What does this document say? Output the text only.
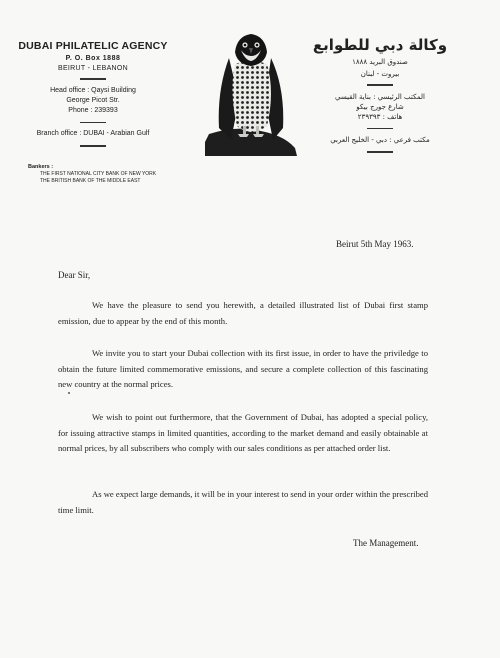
DUBAI PHILATELIC AGENCY
P. O. Box 1888
BEIRUT - LEBANON
Head office : Qaysi Building
George Picot Str.
Phone : 239393
Branch office : DUBAI - Arabian Gulf
Bankers :
THE FIRST NATIONAL CITY BANK OF NEW YORK
THE BRITISH BANK OF THE MIDDLE EAST
وكالة دبي للطوابع
صندوق البريد ١٨٨٨
بيروت - لبنان
المكتب الرئيسي : بناية القيسي
شارع جورج بيكو
هاتف : ٢٣٩٣٩٣
مكتب فرعي : دبي - الخليج العربي
Beirut 5th May 1963.
Dear Sir,
We have the pleasure to send you herewith, a detailed illustrated list of Dubai first stamp emission, due to appear by the end of this month.
We invite you to start your Dubai collection with its first issue, in order to have the priviledge to obtain the future limited commemorative emissions, and secure a complete collection of this fascinating new country at the normal prices.
We wish to point out furthermore, that the Government of Dubai, has adopted a special policy, for issuing attractive stamps in limited quantities, according to the market demand and easily obtainable at normal prices, by all subscribers who comply with our sales conditions as per attached order list.
As we expect large demands, it will be in your interest to send in your order within the prescribed time limit.
The Management.
